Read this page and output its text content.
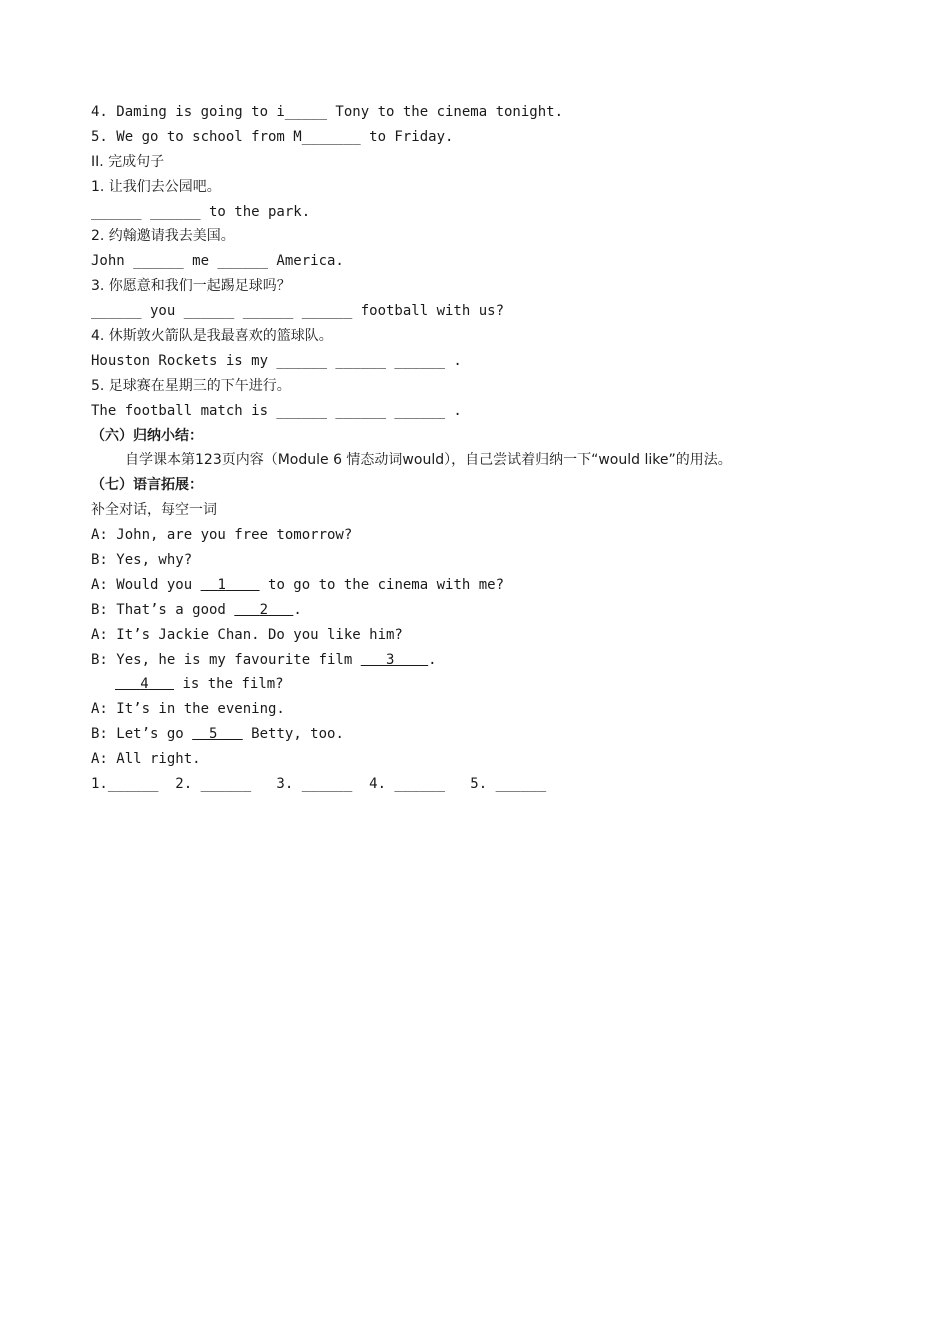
4. Daming is going to i_____ Tony to the cinema tonight.
5. We go to school from M_______ to Friday.
II. 完成句子
1. 让我们去公园吧。
______ ______ to the park.
2. 约翰邀请我去美国。
John ______ me ______ America.
3. 你愿意和我们一起踢足球吗？
______ you ______ ______ ______ football with us?
4. 休斯敦火箭队是我最喜欢的篮球队。
Houston Rockets is my ______ ______ ______ .
5. 足球赛在星期三的下午进行。
The football match is ______ ______ ______ .
（六）归纳小结：
自学课本第123页内容（Module 6 情态动词would），自己尝试着归纳一下“would like”的用法。
（七）语言拓展：
补全对话，每空一词
A: John, are you free tomorrow?
B: Yes, why?
A: Would you   1     to go to the cinema with me?
B: That’s a good    2 .
A: It’s Jackie Chan. Do you like him?
B: Yes, he is my favourite film    3 .
4    is the film?
A: It’s in the evening.
B: Let’s go   5    Betty, too.
A: All right.
1.______  2. ______   3. ______  4. ______   5. ______
